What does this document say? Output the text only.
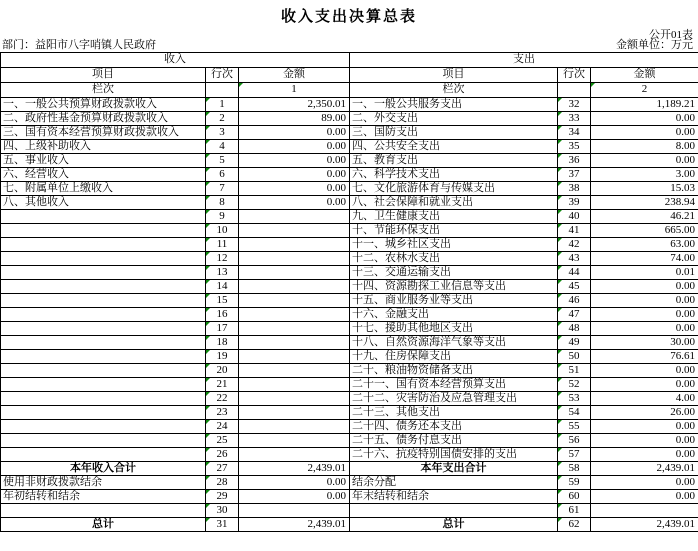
收入支出决算总表
公开01表
部门：益阳市八字哨镇人民政府	金额单位：万元
收入			支出		
项目	行次	金额	项目	行次	金额
栏次		1	栏次		2
一、一般公共预算财政拨款收入	1	2,350.01	一、一般公共服务支出	32	1,189.21
二、政府性基金预算财政拨款收入	2	89.00	二、外交支出	33	0.00
三、国有资本经营预算财政拨款收入	3	0.00	三、国防支出	34	0.00
四、上级补助收入	4	0.00	四、公共安全支出	35	8.00
五、事业收入	5	0.00	五、教育支出	36	0.00
六、经营收入	6	0.00	六、科学技术支出	37	3.00
七、附属单位上缴收入	7	0.00	七、文化旅游体育与传媒支出	38	15.03
八、其他收入	8	0.00	八、社会保障和就业支出	39	238.94
	9		九、卫生健康支出	40	46.21
	10		十、节能环保支出	41	665.00
	11		十一、城乡社区支出	42	63.00
	12		十二、农林水支出	43	74.00
	13		十三、交通运输支出	44	0.01
	14		十四、资源勘探工业信息等支出	45	0.00
	15		十五、商业服务业等支出	46	0.00
	16		十六、金融支出	47	0.00
	17		十七、援助其他地区支出	48	0.00
	18		十八、自然资源海洋气象等支出	49	30.00
	19		十九、住房保障支出	50	76.61
	20		二十、粮油物资储备支出	51	0.00
	21		二十一、国有资本经营预算支出	52	0.00
	22		二十二、灾害防治及应急管理支出	53	4.00
	23		二十三、其他支出	54	26.00
	24		二十四、债务还本支出	55	0.00
	25		二十五、债务付息支出	56	0.00
	26		二十六、抗疫特别国债安排的支出	57	0.00
本年收入合计	27	2,439.01	本年支出合计	58	2,439.01
使用非财政拨款结余	28	0.00	结余分配	59	0.00
年初结转和结余	29	0.00	年末结转和结余	60	0.00
	30			61	
总计	31	2,439.01	总计	62	2,439.01
